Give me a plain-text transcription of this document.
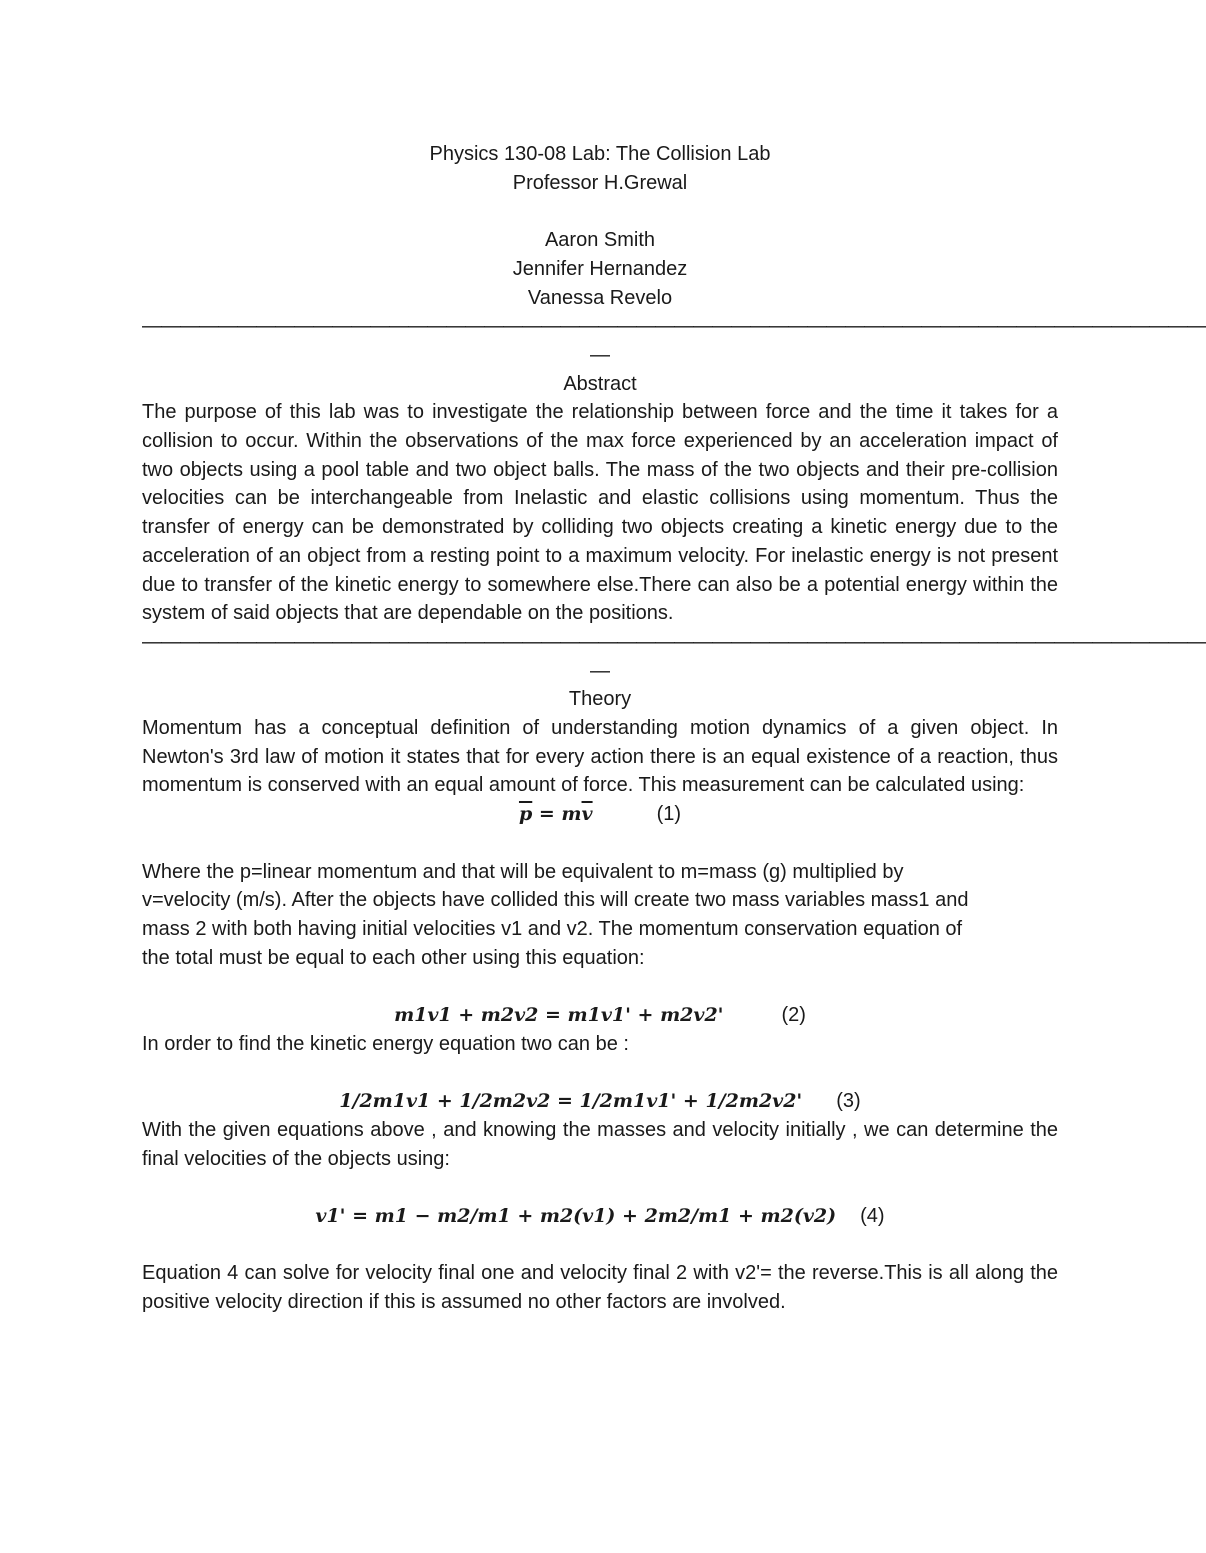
Physics 130-08 Lab: The Collision Lab
Professor H.Grewal
Aaron Smith
Jennifer Hernandez
Vanessa Revelo
————————————————————————————————————————————————————————
—
Abstract
The purpose of this lab was to investigate the relationship between force and the time it takes for a collision to occur. Within the observations of the max force experienced by an acceleration impact of two objects using a pool table and two object balls. The mass of the two objects and their pre-collision velocities can be interchangeable from Inelastic and elastic collisions using momentum. Thus the transfer of energy can be demonstrated by colliding two objects creating a kinetic energy due to the acceleration of an object from a resting point to a maximum velocity. For inelastic energy is not present due to transfer of the kinetic energy to somewhere else.There can also be a potential energy within the system of said objects that are dependable on the positions.
————————————————————————————————————————————————————————
—
Theory
Momentum has a conceptual definition of understanding motion dynamics of a given object. In Newton's 3rd law of motion it states that for every action there is an equal existence of a reaction, thus momentum is conserved with an equal amount of force. This measurement can be calculated using:
$\overline{p} = m\overline{v}$	(1)
Where the p=linear momentum and that will be equivalent to m=mass (g) multiplied by
v=velocity (m/s). After the objects have collided this will create two mass variables mass1 and
mass 2 with both having initial velocities v1 and v2. The momentum conservation equation of
the total must be equal to each other using this equation:
m1v1 + m2v2 = m1v1' + m2v2'	(2)
In order to find the kinetic energy equation two can be :
1/2m1v1 + 1/2m2v2 = 1/2m1v1' + 1/2m2v2' (3)
With the given equations above , and knowing the masses and velocity initially , we can determine the final velocities of the objects using:
v1' = m1 − m2/m1 + m2(v1) + 2m2/m1 + m2(v2) (4)
Equation 4 can solve for velocity final one and velocity final 2 with v2'= the reverse.This is all along the positive velocity direction if this is assumed no other factors are involved.
